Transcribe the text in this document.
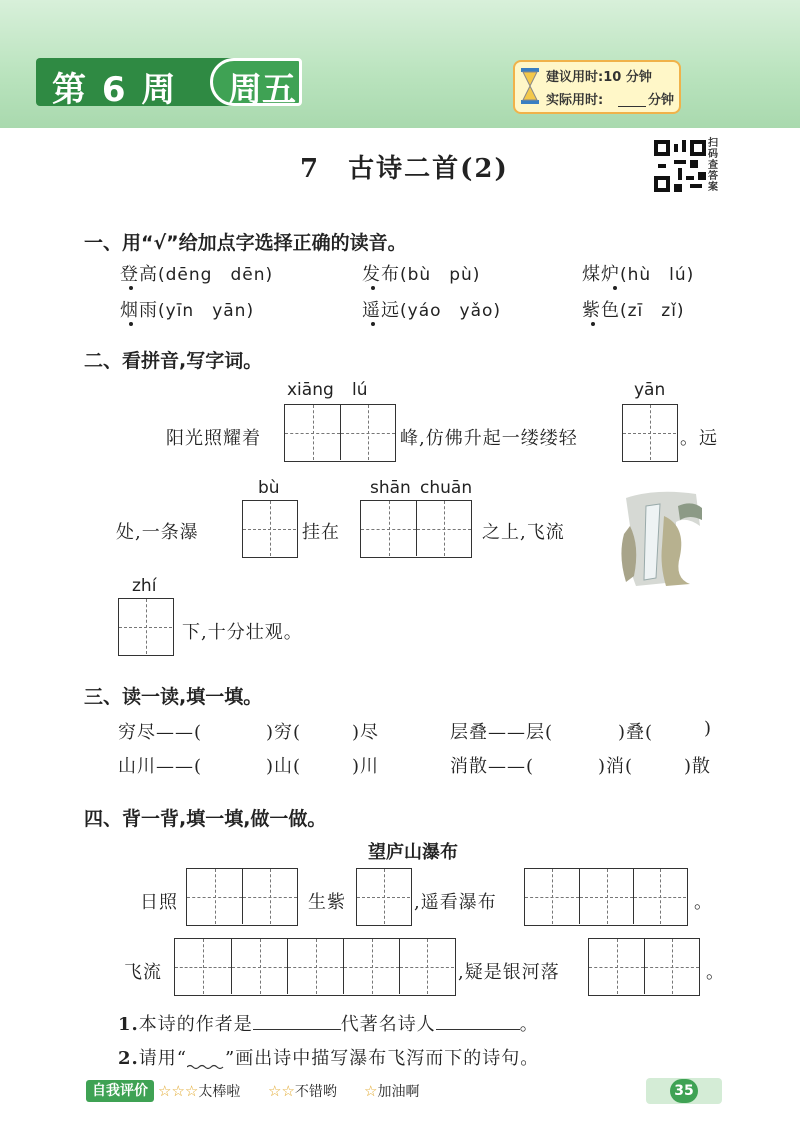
第 6 周 周五	建议用时:10 分钟
实际用时:	分钟
7　古诗二首(2)
扫码查答案
一、用“√”给加点字选择正确的读音。
登高(dēng　dēn)	发布(bù　pù)	煤炉(hù　lú)
烟雨(yīn　yān)	遥远(yáo　yǎo)	紫色(zī　zǐ)
二、看拼音,写字词。
xiāng lú	yān
阳光照耀着	峰,仿佛升起一缕缕轻	。远
bù	shān chuān
处,一条瀑	挂在	之上,飞流
zhí
下,十分壮观。
三、读一读,填一填。
穷尽——(	)穷(	)尽	层叠——层(	)叠(	)
山川——(	)山(	)川	消散——(	)消(	)散
四、背一背,填一填,做一做。
望庐山瀑布
日照	生紫	,遥看瀑布	。
飞流	,疑是银河落	。
1.本诗的作者是	代著名诗人	。
2.请用“ ”画出诗中描写瀑布飞泻而下的诗句。
自我评价 ☆☆☆太棒啦 ☆☆不错哟 ☆加油啊	35
